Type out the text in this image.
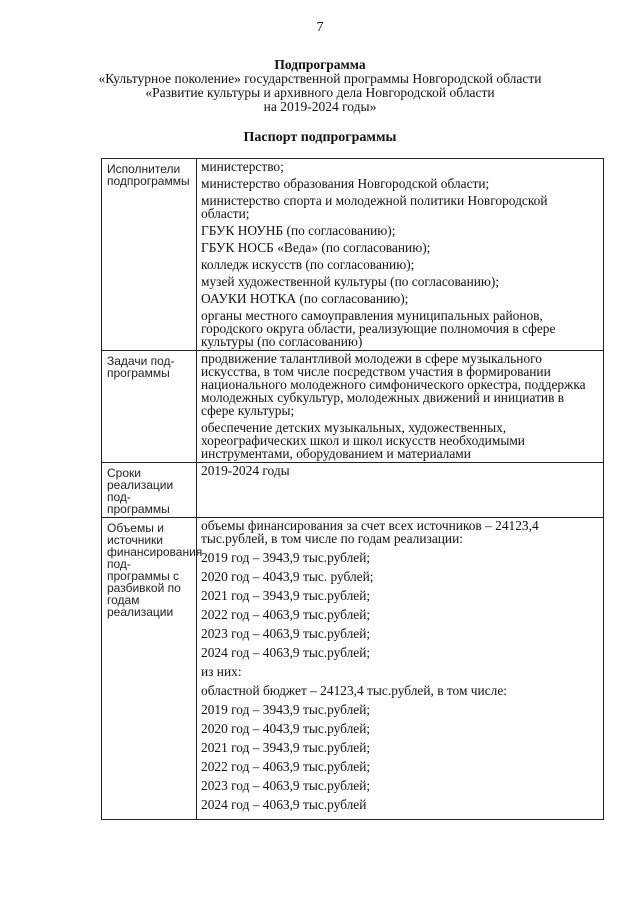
7
Подпрограмма
«Культурное поколение» государственной программы Новгородской области
«Развитие культуры и архивного дела Новгородской области
на 2019-2024 годы»
Паспорт подпрограммы
Исполнители подпрограммы
министерство;
министерство образования Новгородской области;
министерство спорта и молодежной политики Новгородской области;
ГБУК НОУНБ (по согласованию);
ГБУК НОСБ «Веда» (по согласованию);
колледж искусств (по согласованию);
музей художественной культуры (по согласованию);
ОАУКИ НОТКА (по согласованию);
органы местного самоуправления муниципальных районов, городского округа области, реализующие полномочия в сфере культуры (по согласованию)
Задачи под-программы
продвижение талантливой молодежи в сфере музыкального искусства, в том числе посредством участия в формировании национального молодежного симфонического оркестра, поддержка молодежных субкультур, молодежных движений и инициатив в сфере культуры;
обеспечение детских музыкальных, художественных, хореографических школ и школ искусств необходимыми инструментами, оборудованием и материалами
Сроки реализации под-программы
2019-2024 годы
Объемы и источники финансирования под-программы с разбивкой по годам реализации
объемы финансирования за счет всех источников – 24123,4 тыс.рублей, в том числе по годам реализации:
2019 год – 3943,9 тыс.рублей;
2020 год – 4043,9 тыс. рублей;
2021 год – 3943,9 тыс.рублей;
2022 год – 4063,9 тыс.рублей;
2023 год – 4063,9 тыс.рублей;
2024 год – 4063,9 тыс.рублей;
из них:
областной бюджет – 24123,4 тыс.рублей, в том числе:
2019 год – 3943,9 тыс.рублей;
2020 год – 4043,9 тыс.рублей;
2021 год – 3943,9 тыс.рублей;
2022 год – 4063,9 тыс.рублей;
2023 год – 4063,9 тыс.рублей;
2024 год – 4063,9 тыс.рублей
